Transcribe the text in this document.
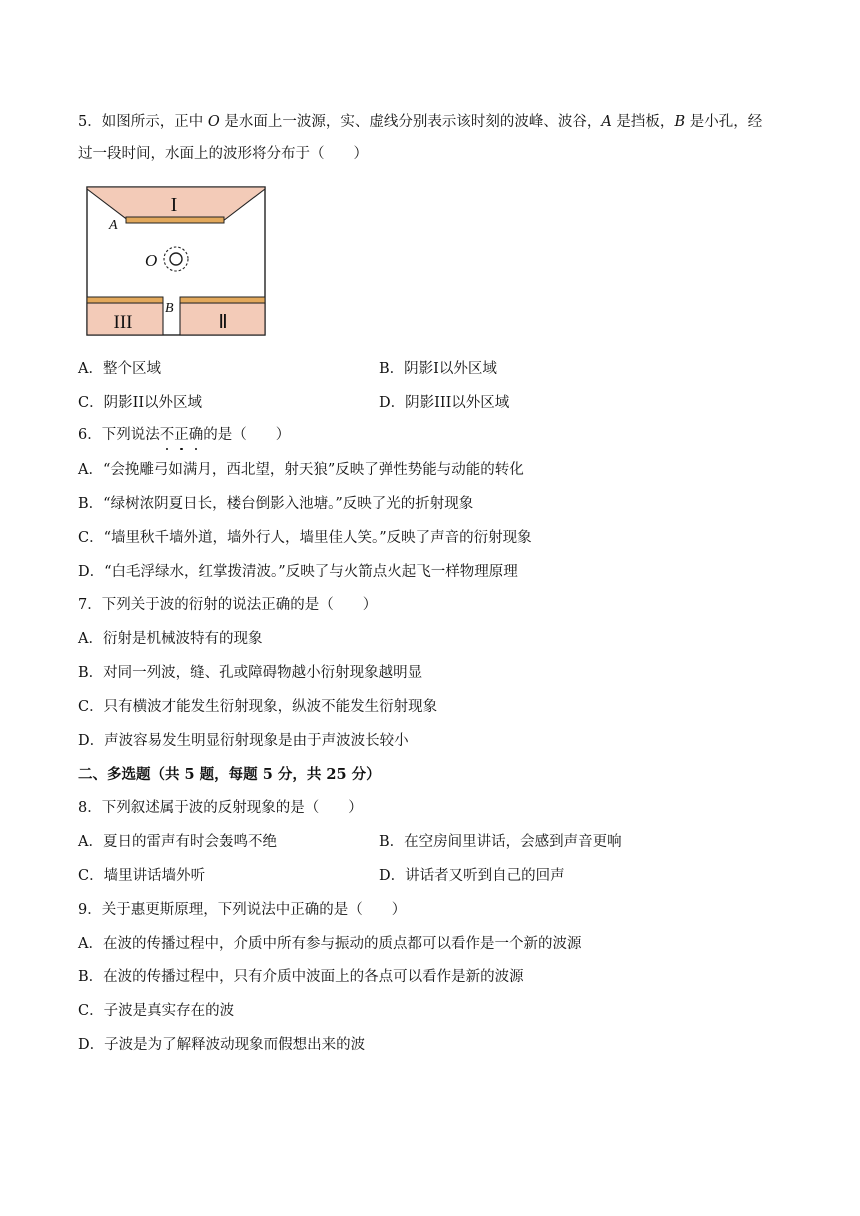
5．如图所示，正中 O 是水面上一波源，实、虚线分别表示该时刻的波峰、波谷，A 是挡板，B 是小孔，经
过一段时间，水面上的波形将分布于（　　）
I
A
O
B
III	Ⅱ
A．整个区域	B．阴影I以外区域
C．阴影II以外区域	D．阴影III以外区域
6．下列说法不正确的是（　　）
A．“会挽雕弓如满月，西北望，射天狼”反映了弹性势能与动能的转化
B．“绿树浓阴夏日长，楼台倒影入池塘。”反映了光的折射现象
C．“墙里秋千墙外道，墙外行人，墙里佳人笑。”反映了声音的衍射现象
D．“白毛浮绿水，红掌拨清波。”反映了与火箭点火起飞一样物理原理
7．下列关于波的衍射的说法正确的是（　　）
A．衍射是机械波特有的现象
B．对同一列波，缝、孔或障碍物越小衍射现象越明显
C．只有横波才能发生衍射现象，纵波不能发生衍射现象
D．声波容易发生明显衍射现象是由于声波波长较小
二、多选题（共 5 题，每题 5 分，共 25 分）
8．下列叙述属于波的反射现象的是（　　）
A．夏日的雷声有时会轰鸣不绝	B．在空房间里讲话，会感到声音更响
C．墙里讲话墙外听	D．讲话者又听到自己的回声
9．关于惠更斯原理，下列说法中正确的是（　　）
A．在波的传播过程中，介质中所有参与振动的质点都可以看作是一个新的波源
B．在波的传播过程中，只有介质中波面上的各点可以看作是新的波源
C．子波是真实存在的波
D．子波是为了解释波动现象而假想出来的波
